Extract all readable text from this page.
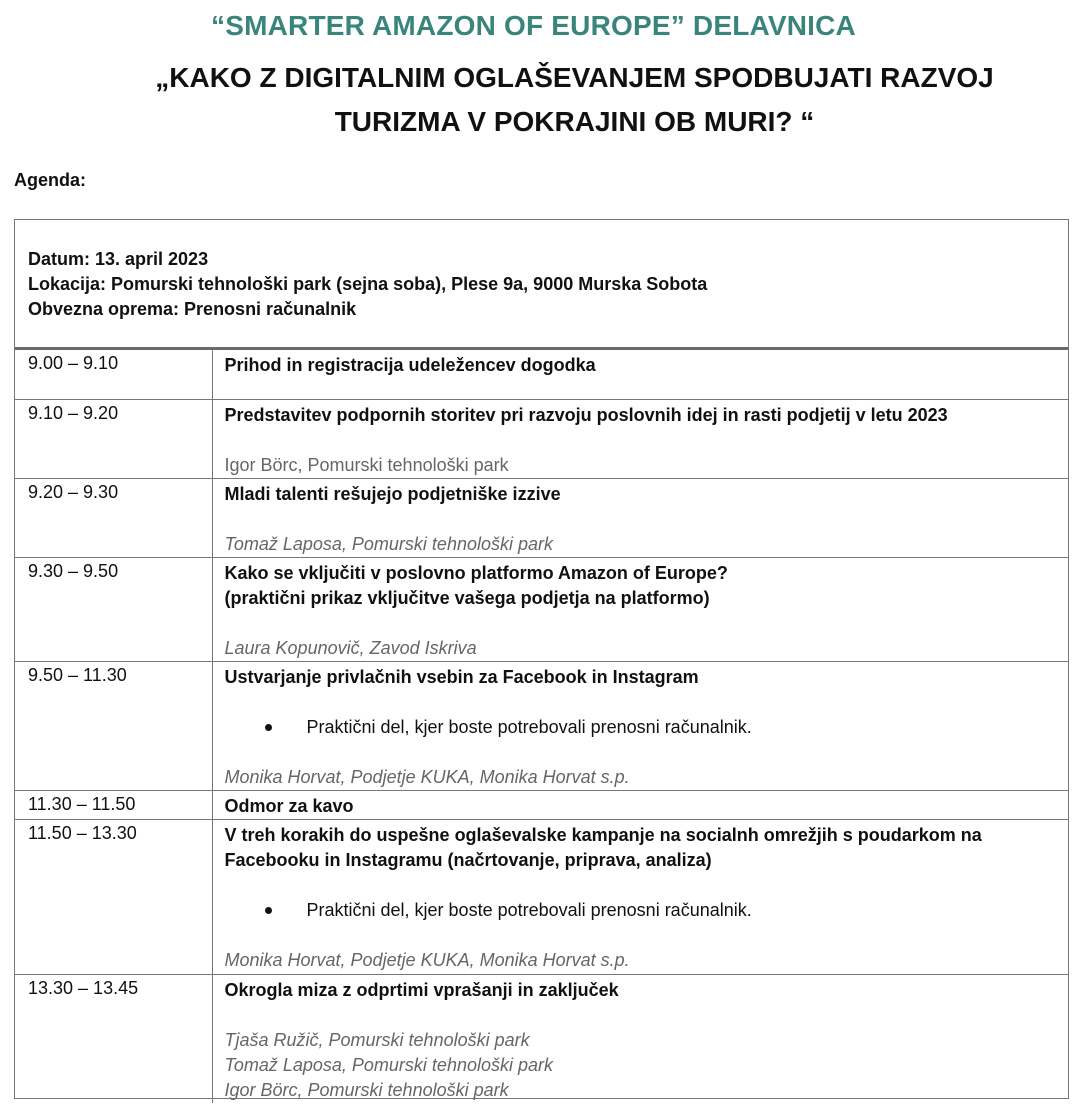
“SMARTER AMAZON OF EUROPE” DELAVNICA
„KAKO Z DIGITALNIM OGLAŠEVANJEM SPODBUJATI RAZVOJ
TURIZMA V POKRAJINI OB MURI? “
Agenda:
Datum: 13. april 2023
Lokacija: Pomurski tehnološki park (sejna soba), Plese 9a, 9000 Murska Sobota
Obvezna oprema: Prenosni računalnik
9.00 – 9.10	Prihod in registracija udeležencev dogodka

9.10 – 9.20	Predstavitev podpornih storitev pri razvoju poslovnih idej in rasti podjetij v letu 2023
Igor Börc, Pomurski tehnološki park

9.20 – 9.30	Mladi talenti rešujejo podjetniške izzive
Tomaž Laposa, Pomurski tehnološki park

9.30 – 9.50	Kako se vključiti v poslovno platformo Amazon of Europe?
(praktični prikaz vključitve vašega podjetja na platformo)
Laura Kopunovič, Zavod Iskriva

9.50 – 11.30	Ustvarjanje privlačnih vsebin za Facebook in Instagram
Praktični del, kjer boste potrebovali prenosni računalnik.
Monika Horvat, Podjetje KUKA, Monika Horvat s.p.

11.30 – 11.50	Odmor za kavo

11.50 – 13.30	V treh korakih do uspešne oglaševalske kampanje na socialnh omrežjih s poudarkom na
Facebooku in Instagramu (načrtovanje, priprava, analiza)
Praktični del, kjer boste potrebovali prenosni računalnik.
Monika Horvat, Podjetje KUKA, Monika Horvat s.p.

13.30 – 13.45	Okrogla miza z odprtimi vprašanji in zaključek
Tjaša Ružič, Pomurski tehnološki park
Tomaž Laposa, Pomurski tehnološki park
Igor Börc, Pomurski tehnološki park
